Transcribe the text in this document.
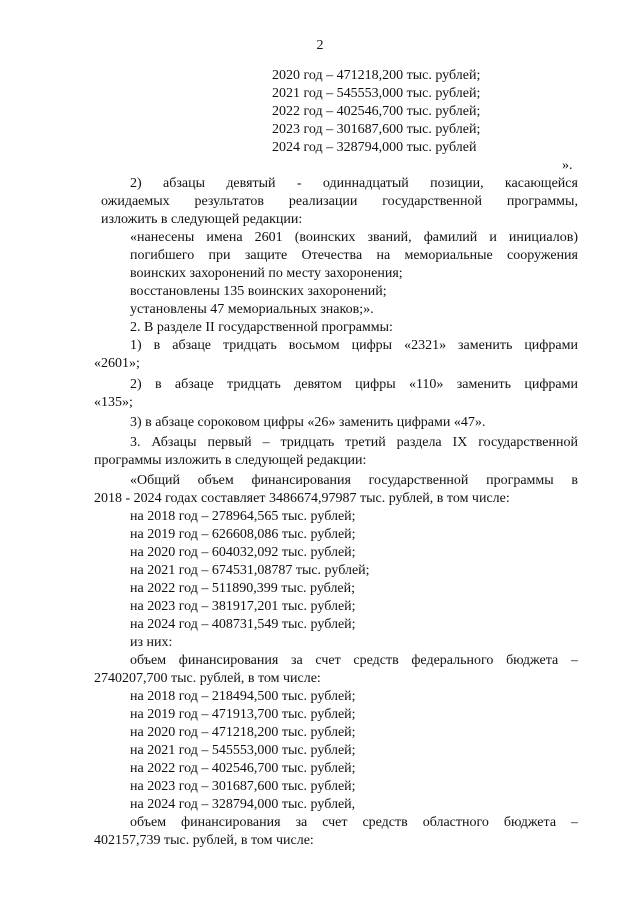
2
2020 год – 471218,200 тыс. рублей;
2021 год – 545553,000 тыс. рублей;
2022 год – 402546,700 тыс. рублей;
2023 год – 301687,600 тыс. рублей;
2024 год – 328794,000 тыс. рублей
».
2) абзацы девятый - одиннадцатый позиции, касающейся
ожидаемых результатов реализации государственной программы,
изложить в следующей редакции:
«нанесены имена 2601 (воинских званий, фамилий и инициалов)
погибшего при защите Отечества на мемориальные сооружения
воинских захоронений по месту захоронения;
восстановлены 135 воинских захоронений;
установлены 47 мемориальных знаков;».
2. В разделе II государственной программы:
1) в абзаце тридцать восьмом цифры «2321» заменить цифрами
«2601»;
2) в абзаце тридцать девятом цифры «110» заменить цифрами
«135»;
3) в абзаце сороковом цифры «26» заменить цифрами «47».
3. Абзацы первый – тридцать третий раздела IX государственной
программы изложить в следующей редакции:
«Общий объем финансирования государственной программы в
2018 - 2024 годах составляет 3486674,97987 тыс. рублей, в том числе:
на 2018 год – 278964,565 тыс. рублей;
на 2019 год – 626608,086 тыс. рублей;
на 2020 год – 604032,092 тыс. рублей;
на 2021 год – 674531,08787 тыс. рублей;
на 2022 год – 511890,399 тыс. рублей;
на 2023 год – 381917,201 тыс. рублей;
на 2024 год – 408731,549 тыс. рублей;
из них:
объем финансирования за счет средств федерального бюджета –
2740207,700 тыс. рублей, в том числе:
на 2018 год – 218494,500 тыс. рублей;
на 2019 год – 471913,700 тыс. рублей;
на 2020 год – 471218,200 тыс. рублей;
на 2021 год – 545553,000 тыс. рублей;
на 2022 год – 402546,700 тыс. рублей;
на 2023 год – 301687,600 тыс. рублей;
на 2024 год – 328794,000 тыс. рублей,
объем финансирования за счет средств областного бюджета –
402157,739 тыс. рублей, в том числе:
